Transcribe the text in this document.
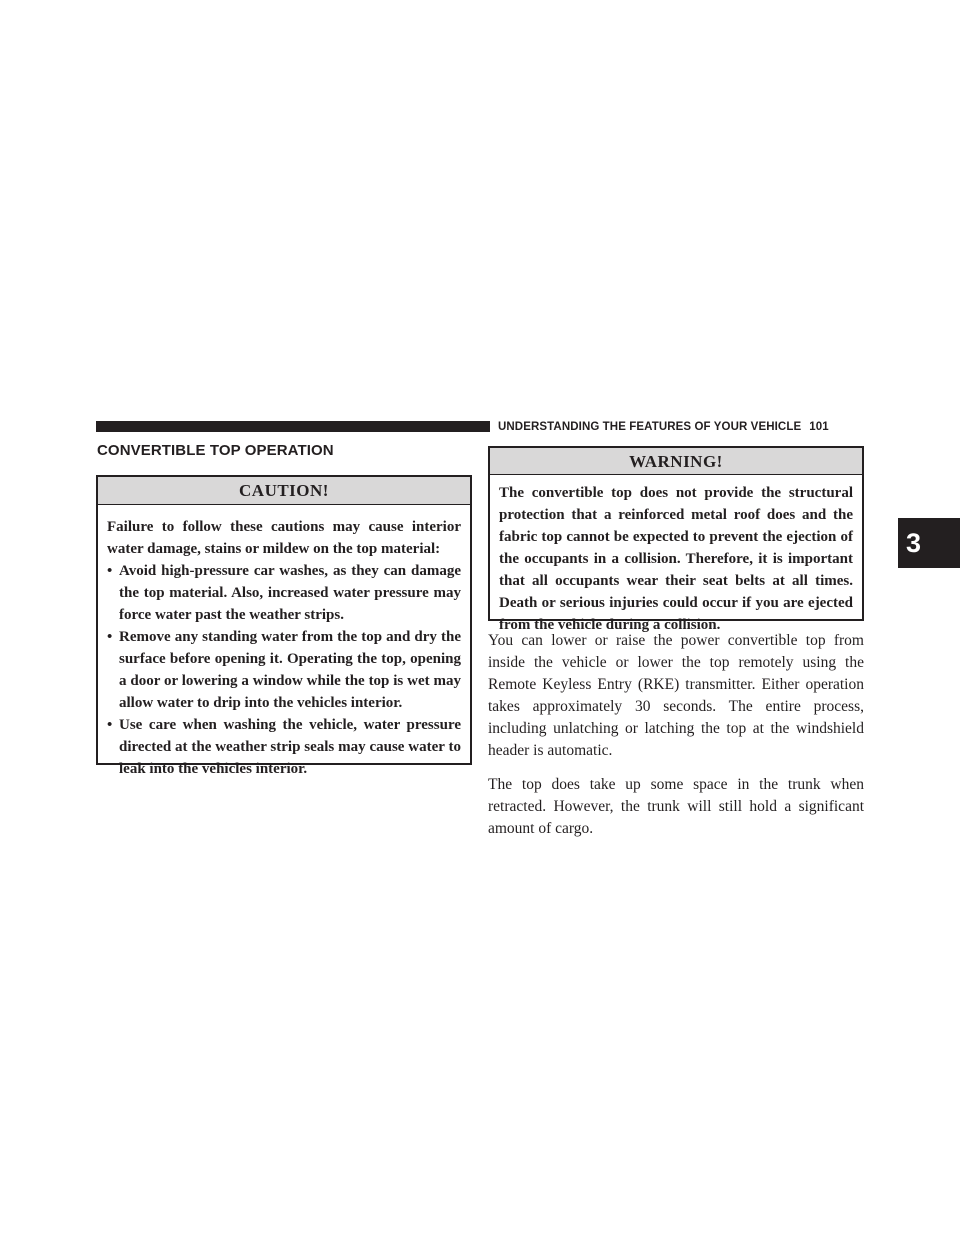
UNDERSTANDING THE FEATURES OF YOUR VEHICLE 101
3
CONVERTIBLE TOP OPERATION
CAUTION!

Failure to follow these cautions may cause interior water damage, stains or mildew on the top material:

• Avoid high-pressure car washes, as they can damage the top material. Also, increased water pressure may force water past the weather strips.
• Remove any standing water from the top and dry the surface before opening it. Operating the top, opening a door or lowering a window while the top is wet may allow water to drip into the vehicles interior.
• Use care when washing the vehicle, water pressure directed at the weather strip seals may cause water to leak into the vehicles interior.
WARNING!

The convertible top does not provide the structural protection that a reinforced metal roof does and the fabric top cannot be expected to prevent the ejection of the occupants in a collision. Therefore, it is important that all occupants wear their seat belts at all times. Death or serious injuries could occur if you are ejected from the vehicle during a collision.

You can lower or raise the power convertible top from inside the vehicle or lower the top remotely using the Remote Keyless Entry (RKE) transmitter. Either operation takes approximately 30 seconds. The entire process, including unlatching or latching the top at the windshield header is automatic.

The top does take up some space in the trunk when retracted. However, the trunk will still hold a significant amount of cargo.
